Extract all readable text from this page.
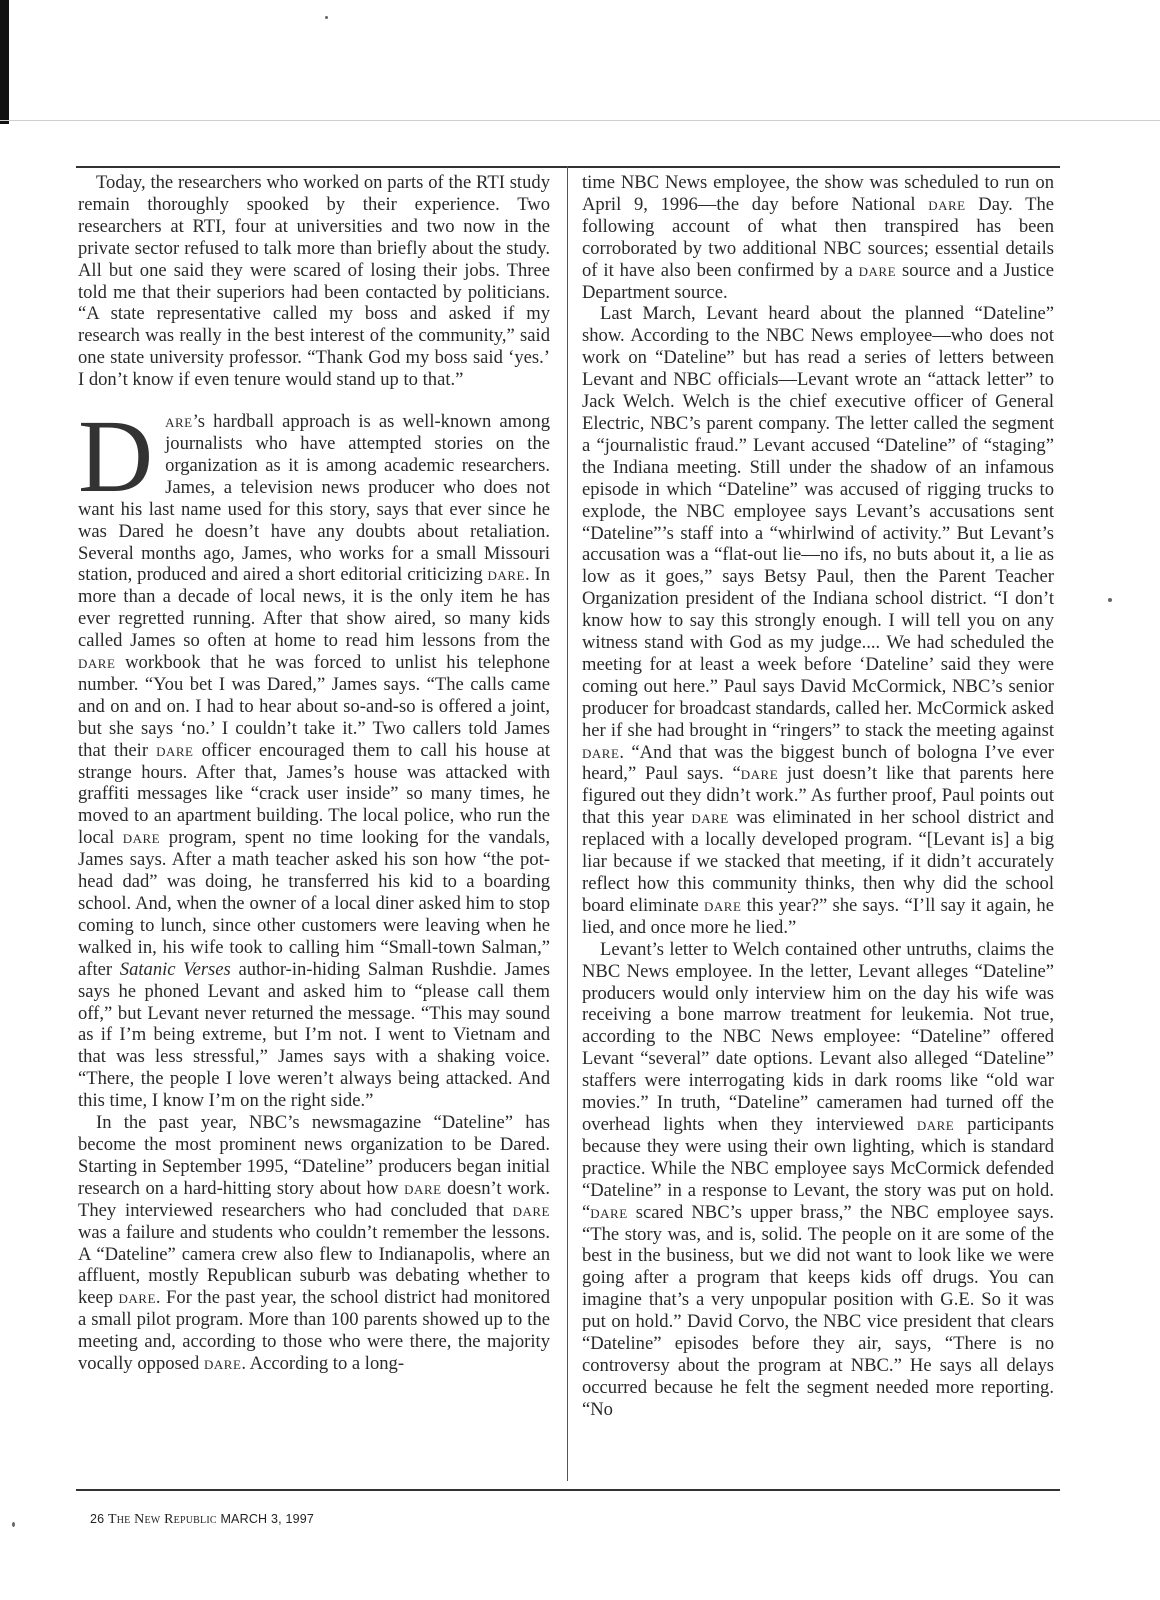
Today, the researchers who worked on parts of the RTI study remain thoroughly spooked by their experience. Two researchers at RTI, four at universities and two now in the private sector refused to talk more than briefly about the study. All but one said they were scared of losing their jobs. Three told me that their superiors had been contacted by politicians. “A state representative called my boss and asked if my research was really in the best interest of the community,” said one state university professor. “Thank God my boss said ‘yes.’ I don’t know if even tenure would stand up to that.”

D are’s hardball approach is as well-known among journalists who have attempted stories on the organization as it is among academic researchers. James, a television news producer who does not want his last name used for this story, says that ever since he was Dared he doesn’t have any doubts about retaliation. Several months ago, James, who works for a small Missouri station, produced and aired a short editorial criticizing dare. In more than a decade of local news, it is the only item he has ever regretted running. After that show aired, so many kids called James so often at home to read him lessons from the dare workbook that he was forced to unlist his telephone number. “You bet I was Dared,” James says. “The calls came and on and on. I had to hear about so-and-so is offered a joint, but she says ‘no.’ I couldn’t take it.” Two callers told James that their dare officer encouraged them to call his house at strange hours. After that, James’s house was attacked with graffiti messages like “crack user inside” so many times, he moved to an apartment building. The local police, who run the local dare program, spent no time looking for the vandals, James says. After a math teacher asked his son how “the pot-head dad” was doing, he transferred his kid to a boarding school. And, when the owner of a local diner asked him to stop coming to lunch, since other customers were leaving when he walked in, his wife took to calling him “Small-town Salman,” after Satanic Verses author-in-hiding Salman Rushdie. James says he phoned Levant and asked him to “please call them off,” but Levant never returned the message. “This may sound as if I’m being extreme, but I’m not. I went to Vietnam and that was less stressful,” James says with a shaking voice. “There, the people I love weren’t always being attacked. And this time, I know I’m on the right side.”

In the past year, NBC’s newsmagazine “Dateline” has become the most prominent news organization to be Dared. Starting in September 1995, “Dateline” producers began initial research on a hard-hitting story about how dare doesn’t work. They interviewed researchers who had concluded that dare was a failure and students who couldn’t remember the lessons. A “Dateline” camera crew also flew to Indianapolis, where an affluent, mostly Republican suburb was debating whether to keep dare. For the past year, the school district had monitored a small pilot program. More than 100 parents showed up to the meeting and, according to those who were there, the majority vocally opposed dare. According to a long-

time NBC News employee, the show was scheduled to run on April 9, 1996—the day before National dare Day. The following account of what then transpired has been corroborated by two additional NBC sources; essential details of it have also been confirmed by a dare source and a Justice Department source.

Last March, Levant heard about the planned “Dateline” show. According to the NBC News employee—who does not work on “Dateline” but has read a series of letters between Levant and NBC officials—Levant wrote an “attack letter” to Jack Welch. Welch is the chief executive officer of General Electric, NBC’s parent company. The letter called the segment a “journalistic fraud.” Levant accused “Dateline” of “staging” the Indiana meeting. Still under the shadow of an infamous episode in which “Dateline” was accused of rigging trucks to explode, the NBC employee says Levant’s accusations sent “Dateline”’s staff into a “whirlwind of activity.” But Levant’s accusation was a “flat-out lie—no ifs, no buts about it, a lie as low as it goes,” says Betsy Paul, then the Parent Teacher Organization president of the Indiana school district. “I don’t know how to say this strongly enough. I will tell you on any witness stand with God as my judge.... We had scheduled the meeting for at least a week before ‘Dateline’ said they were coming out here.” Paul says David McCormick, NBC’s senior producer for broadcast standards, called her. McCormick asked her if she had brought in “ringers” to stack the meeting against dare. “And that was the biggest bunch of bologna I’ve ever heard,” Paul says. “dare just doesn’t like that parents here figured out they didn’t work.” As further proof, Paul points out that this year dare was eliminated in her school district and replaced with a locally developed program. “[Levant is] a big liar because if we stacked that meeting, if it didn’t accurately reflect how this community thinks, then why did the school board eliminate dare this year?” she says. “I’ll say it again, he lied, and once more he lied.”

Levant’s letter to Welch contained other untruths, claims the NBC News employee. In the letter, Levant alleges “Dateline” producers would only interview him on the day his wife was receiving a bone marrow treatment for leukemia. Not true, according to the NBC News employee: “Dateline” offered Levant “several” date options. Levant also alleged “Dateline” staffers were interrogating kids in dark rooms like “old war movies.” In truth, “Dateline” cameramen had turned off the overhead lights when they interviewed dare participants because they were using their own lighting, which is standard practice. While the NBC employee says McCormick defended “Dateline” in a response to Levant, the story was put on hold. “dare scared NBC’s upper brass,” the NBC employee says. “The story was, and is, solid. The people on it are some of the best in the business, but we did not want to look like we were going after a program that keeps kids off drugs. You can imagine that’s a very unpopular position with G.E. So it was put on hold.” David Corvo, the NBC vice president that clears “Dateline” episodes before they air, says, “There is no controversy about the program at NBC.” He says all delays occurred because he felt the segment needed more reporting. “No

26 The New Republic MARCH 3, 1997
